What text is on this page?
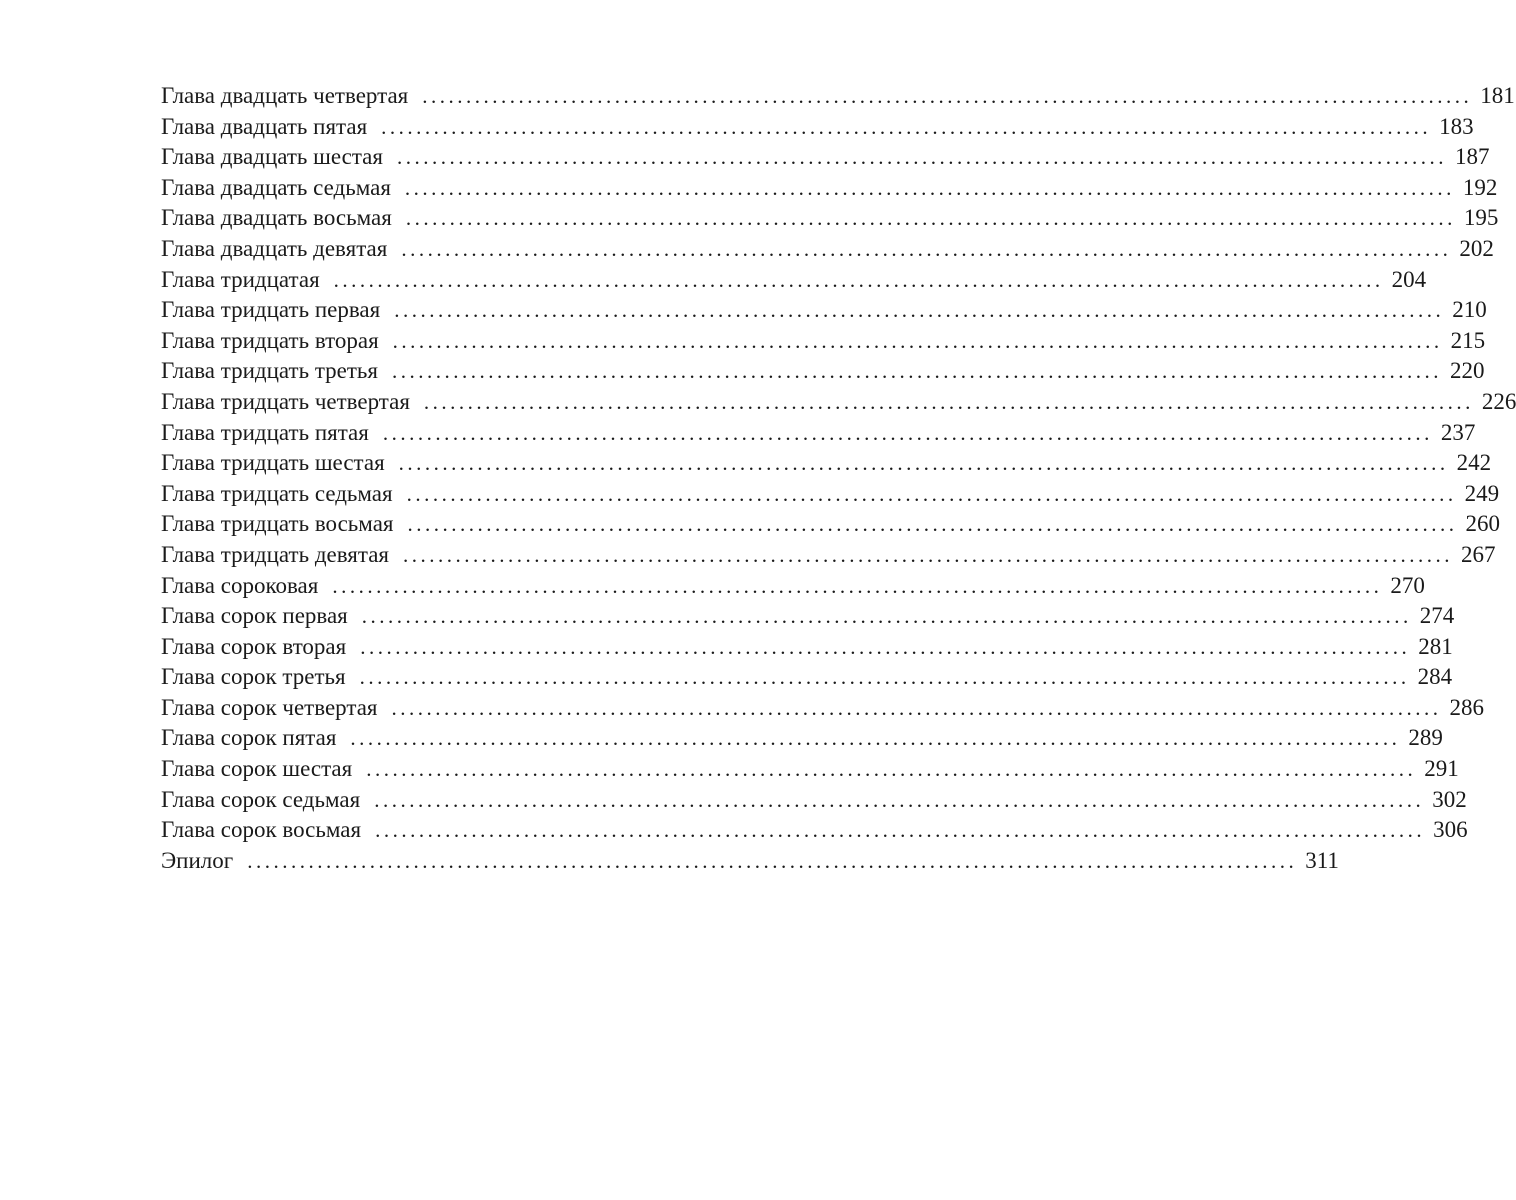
Глава двадцать четвертая ........................................................................................................................ 181
Глава двадцать пятая ........................................................................................................................ 183
Глава двадцать шестая ........................................................................................................................ 187
Глава двадцать седьмая ........................................................................................................................ 192
Глава двадцать восьмая ........................................................................................................................ 195
Глава двадцать девятая ........................................................................................................................ 202
Глава тридцатая ........................................................................................................................ 204
Глава тридцать первая ........................................................................................................................ 210
Глава тридцать вторая ........................................................................................................................ 215
Глава тридцать третья ........................................................................................................................ 220
Глава тридцать четвертая ........................................................................................................................ 226
Глава тридцать пятая ........................................................................................................................ 237
Глава тридцать шестая ........................................................................................................................ 242
Глава тридцать седьмая ........................................................................................................................ 249
Глава тридцать восьмая ........................................................................................................................ 260
Глава тридцать девятая ........................................................................................................................ 267
Глава сороковая ........................................................................................................................ 270
Глава сорок первая ........................................................................................................................ 274
Глава сорок вторая ........................................................................................................................ 281
Глава сорок третья ........................................................................................................................ 284
Глава сорок четвертая ........................................................................................................................ 286
Глава сорок пятая ........................................................................................................................ 289
Глава сорок шестая ........................................................................................................................ 291
Глава сорок седьмая ........................................................................................................................ 302
Глава сорок восьмая ........................................................................................................................ 306
Эпилог ........................................................................................................................ 311
